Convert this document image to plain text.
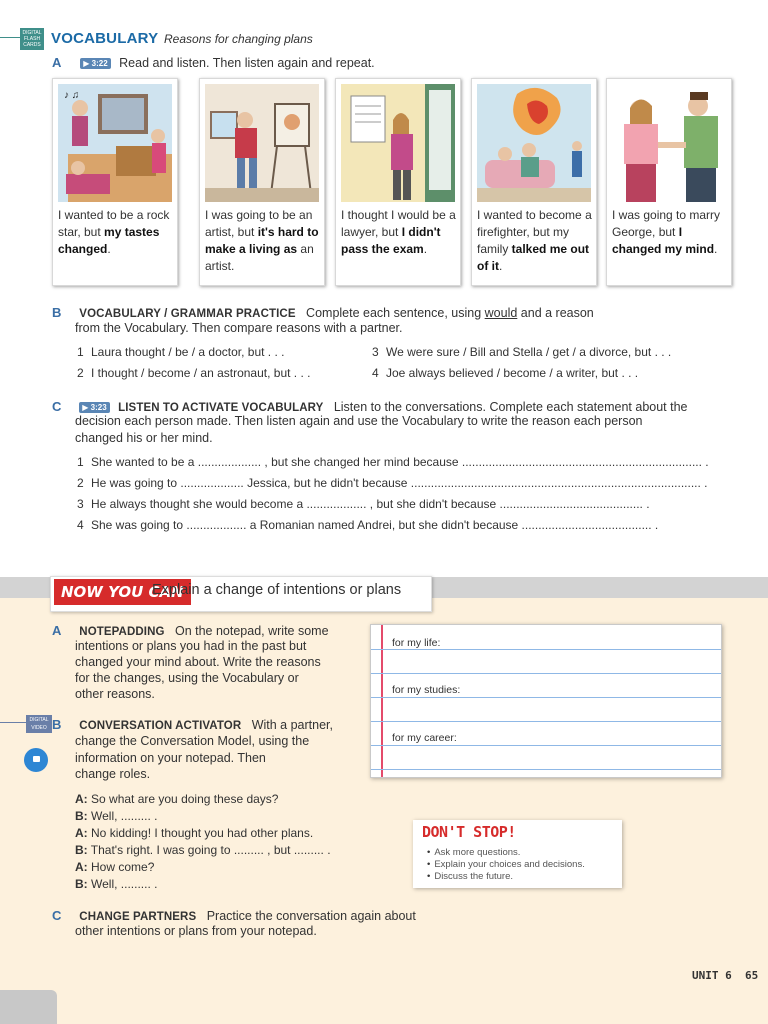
DIGITAL FLASH CARDS VOCABULARY Reasons for changing plans
A	▶ 3:22 Read and listen. Then listen again and repeat.
♪ ♫
I wanted to be a rock star, but my tastes changed.
I was going to be an artist, but it's hard to make a living as an artist.
I thought I would be a lawyer, but I didn't pass the exam.
I wanted to become a firefighter, but my family talked me out of it.
I was going to marry George, but I changed my mind.
B VOCABULARY / GRAMMAR PRACTICE Complete each sentence, using would and a reason
from the Vocabulary. Then compare reasons with a partner.
1 Laura thought / be / a doctor, but . . .
2 I thought / become / an astronaut, but . . .
3 We were sure / Bill and Stella / get / a divorce, but . . .
4 Joe always believed / become / a writer, but . . .
C	▶ 3:23 LISTEN TO ACTIVATE VOCABULARY Listen to the conversations. Complete each statement about the
decision each person made. Then listen again and use the Vocabulary to write the reason each person
changed his or her mind.
1 She wanted to be a ................... , but she changed her mind because ........................................................................ .
2 He was going to ................... Jessica, but he didn't because ....................................................................................... .
3 He always thought she would become a .................. , but she didn't because ........................................... .
4 She was going to .................. a Romanian named Andrei, but she didn't because ....................................... .
NOW YOU CAN
Explain a change of intentions or plans
A NOTEPADDING On the notepad, write some
intentions or plans you had in the past but
changed your mind about. Write the reasons
for the changes, using the Vocabulary or
other reasons.
for my life:
for my studies:
for my career:
DIGITAL VIDEO B CONVERSATION ACTIVATOR With a partner,
change the Conversation Model, using the
information on your notepad. Then
change roles.
A: So what are you doing these days?
B: Well, ......... .
A: No kidding! I thought you had other plans.
B: That's right. I was going to ......... , but ......... .
A: How come?
B: Well, ......... .
DON'T STOP!
• Ask more questions.
• Explain your choices and decisions.
• Discuss the future.
C CHANGE PARTNERS Practice the conversation again about
other intentions or plans from your notepad.
UNIT 6 65
